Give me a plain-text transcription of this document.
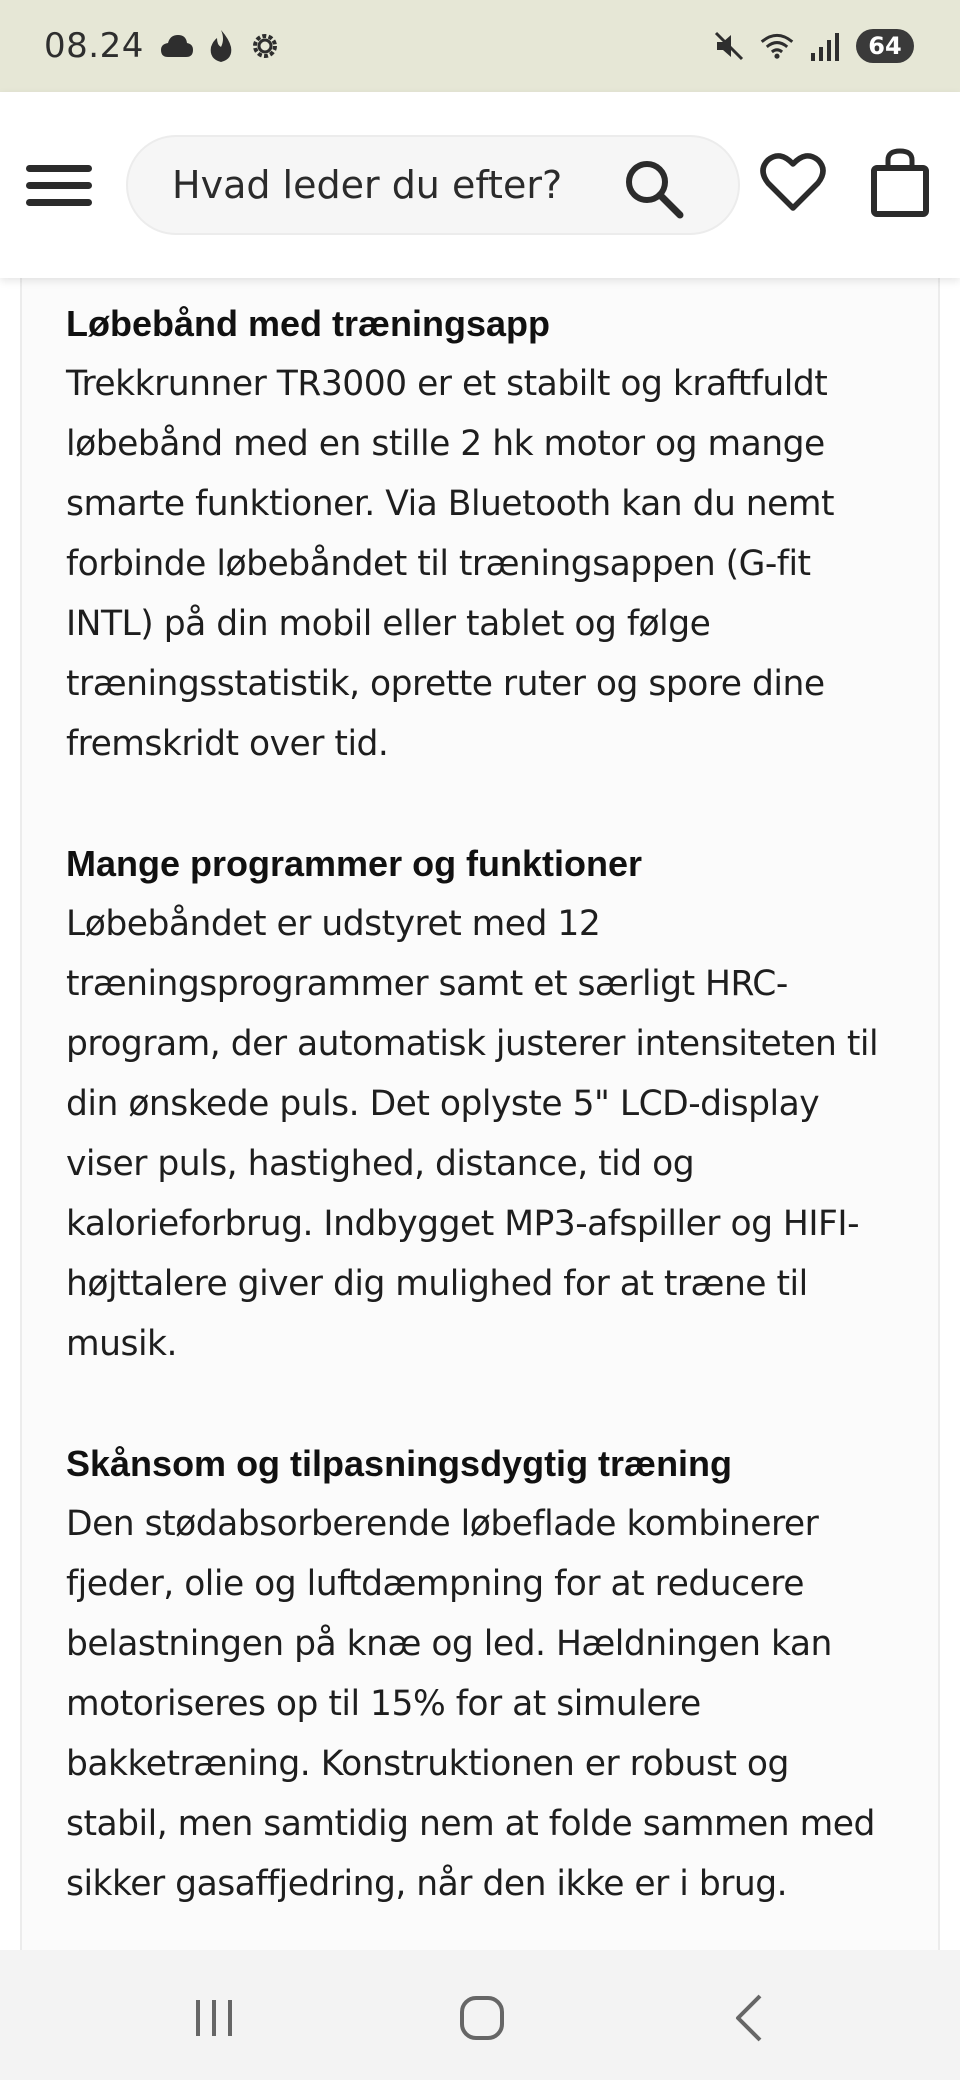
08.24	64
Hvad leder du efter?
Løbebånd med træningsapp
Trekkrunner TR3000 er et stabilt og kraftfuldt løbebånd med en stille 2 hk motor og mange smarte funktioner. Via Bluetooth kan du nemt forbinde løbebåndet til træningsappen (G-fit INTL) på din mobil eller tablet og følge træningsstatistik, oprette ruter og spore dine fremskridt over tid.
Mange programmer og funktioner
Løbebåndet er udstyret med 12 træningsprogrammer samt et særligt HRC-program, der automatisk justerer intensiteten til din ønskede puls. Det oplyste 5" LCD-display viser puls, hastighed, distance, tid og kalorieforbrug. Indbygget MP3-afspiller og HIFI-højttalere giver dig mulighed for at træne til musik.
Skånsom og tilpasningsdygtig træning
Den stødabsorberende løbeflade kombinerer fjeder, olie og luftdæmpning for at reducere belastningen på knæ og led. Hældningen kan motoriseres op til 15% for at simulere bakketræning. Konstruktionen er robust og stabil, men samtidig nem at folde sammen med sikker gasaffjedring, når den ikke er i brug.
